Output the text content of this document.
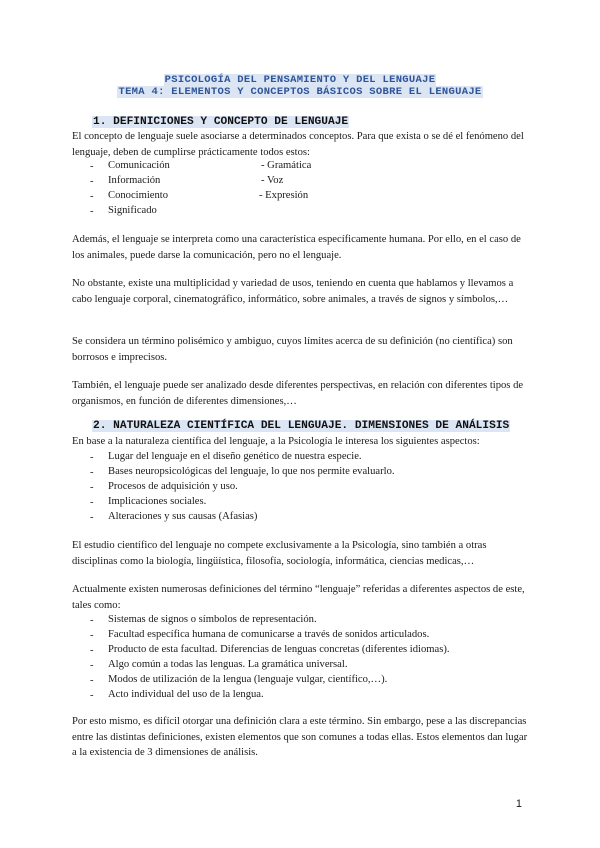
PSICOLOGÍA DEL PENSAMIENTO Y DEL LENGUAJE
TEMA 4: ELEMENTOS Y CONCEPTOS BÁSICOS SOBRE EL LENGUAJE
1. DEFINICIONES Y CONCEPTO DE LENGUAJE

El concepto de lenguaje suele asociarse a determinados conceptos. Para que exista o se dé el fenómeno del lenguaje, deben de cumplirse prácticamente todos estos:

- Comunicación	- Gramática
- Información	- Voz
- Conocimiento	- Expresión
- Significado

Además, el lenguaje se interpreta como una característica específicamente humana. Por ello, en el caso de los animales, puede darse la comunicación, pero no el lenguaje.

No obstante, existe una multiplicidad y variedad de usos, teniendo en cuenta que hablamos y llevamos a cabo lenguaje corporal, cinematográfico, informático, sobre animales, a través de signos y símbolos,…

Se considera un término polisémico y ambiguo, cuyos límites acerca de su definición (no científica) son borrosos e imprecisos.

También, el lenguaje puede ser analizado desde diferentes perspectivas, en relación con diferentes tipos de organismos, en función de diferentes dimensiones,…

2. NATURALEZA CIENTÍFICA DEL LENGUAJE. DIMENSIONES DE ANÁLISIS

En base a la naturaleza científica del lenguaje, a la Psicología le interesa los siguientes aspectos:

- Lugar del lenguaje en el diseño genético de nuestra especie.
- Bases neuropsicológicas del lenguaje, lo que nos permite evaluarlo.
- Procesos de adquisición y uso.
- Implicaciones sociales.
- Alteraciones y sus causas (Afasias)

El estudio científico del lenguaje no compete exclusivamente a la Psicología, sino también a otras disciplinas como la biología, lingüística, filosofía, sociología, informática, ciencias medicas,…

Actualmente existen numerosas definiciones del término “lenguaje” referidas a diferentes aspectos de este, tales como:

- Sistemas de signos o símbolos de representación.
- Facultad específica humana de comunicarse a través de sonidos articulados.
- Producto de esta facultad. Diferencias de lenguas concretas (diferentes idiomas).
- Algo común a todas las lenguas. La gramática universal.
- Modos de utilización de la lengua (lenguaje vulgar, científico,…).
- Acto individual del uso de la lengua.

Por esto mismo, es difícil otorgar una definición clara a este término. Sin embargo, pese a las discrepancias entre las distintas definiciones, existen elementos que son comunes a todas ellas. Estos elementos dan lugar a la existencia de 3 dimensiones de análisis.

1
